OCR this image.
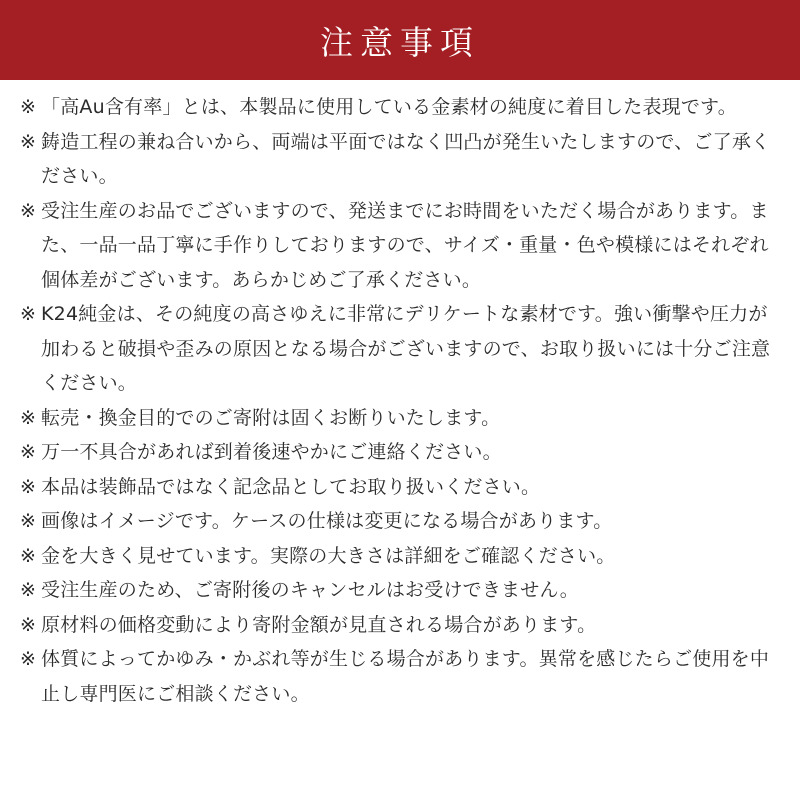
注意事項
※ 「高Au含有率」とは、本製品に使用している金素材の純度に着目した表現です。
※ 鋳造工程の兼ね合いから、両端は平面ではなく凹凸が発生いたしますので、ご了承ください。
※ 受注生産のお品でございますので、発送までにお時間をいただく場合があります。また、一品一品丁寧に手作りしておりますので、サイズ・重量・色や模様にはそれぞれ個体差がございます。あらかじめご了承ください。
※ K24純金は、その純度の高さゆえに非常にデリケートな素材です。強い衝撃や圧力が加わると破損や歪みの原因となる場合がございますので、お取り扱いには十分ご注意ください。
※ 転売・換金目的でのご寄附は固くお断りいたします。
※ 万一不具合があれば到着後速やかにご連絡ください。
※ 本品は装飾品ではなく記念品としてお取り扱いください。
※ 画像はイメージです。ケースの仕様は変更になる場合があります。
※ 金を大きく見せています。実際の大きさは詳細をご確認ください。
※ 受注生産のため、ご寄附後のキャンセルはお受けできません。
※ 原材料の価格変動により寄附金額が見直される場合があります。
※ 体質によってかゆみ・かぶれ等が生じる場合があります。異常を感じたらご使用を中止し専門医にご相談ください。
